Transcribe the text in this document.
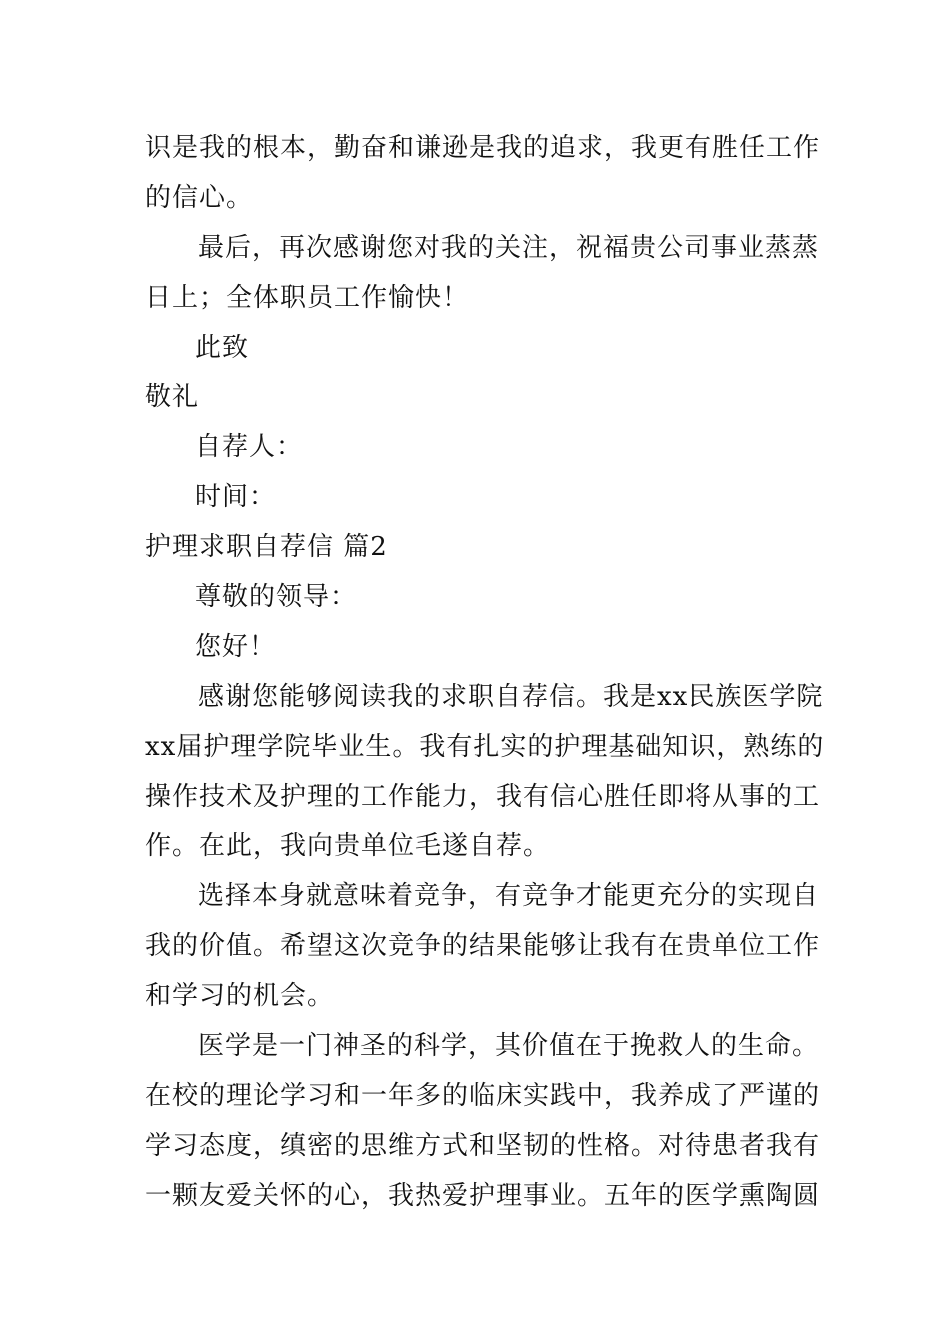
识是我的根本，勤奋和谦逊是我的追求，我更有胜任工作
的信心。
最后，再次感谢您对我的关注，祝福贵公司事业蒸蒸
日上；全体职员工作愉快！
此致
敬礼
自荐人：
时间：
护理求职自荐信 篇2
尊敬的领导：
您好！
感谢您能够阅读我的求职自荐信。我是xx民族医学院
xx届护理学院毕业生。我有扎实的护理基础知识，熟练的
操作技术及护理的工作能力，我有信心胜任即将从事的工
作。在此，我向贵单位毛遂自荐。
选择本身就意味着竞争，有竞争才能更充分的实现自
我的价值。希望这次竞争的结果能够让我有在贵单位工作
和学习的机会。
医学是一门神圣的科学，其价值在于挽救人的生命。
在校的理论学习和一年多的临床实践中，我养成了严谨的
学习态度，缜密的思维方式和坚韧的性格。对待患者我有
一颗友爱关怀的心，我热爱护理事业。五年的医学熏陶圆
